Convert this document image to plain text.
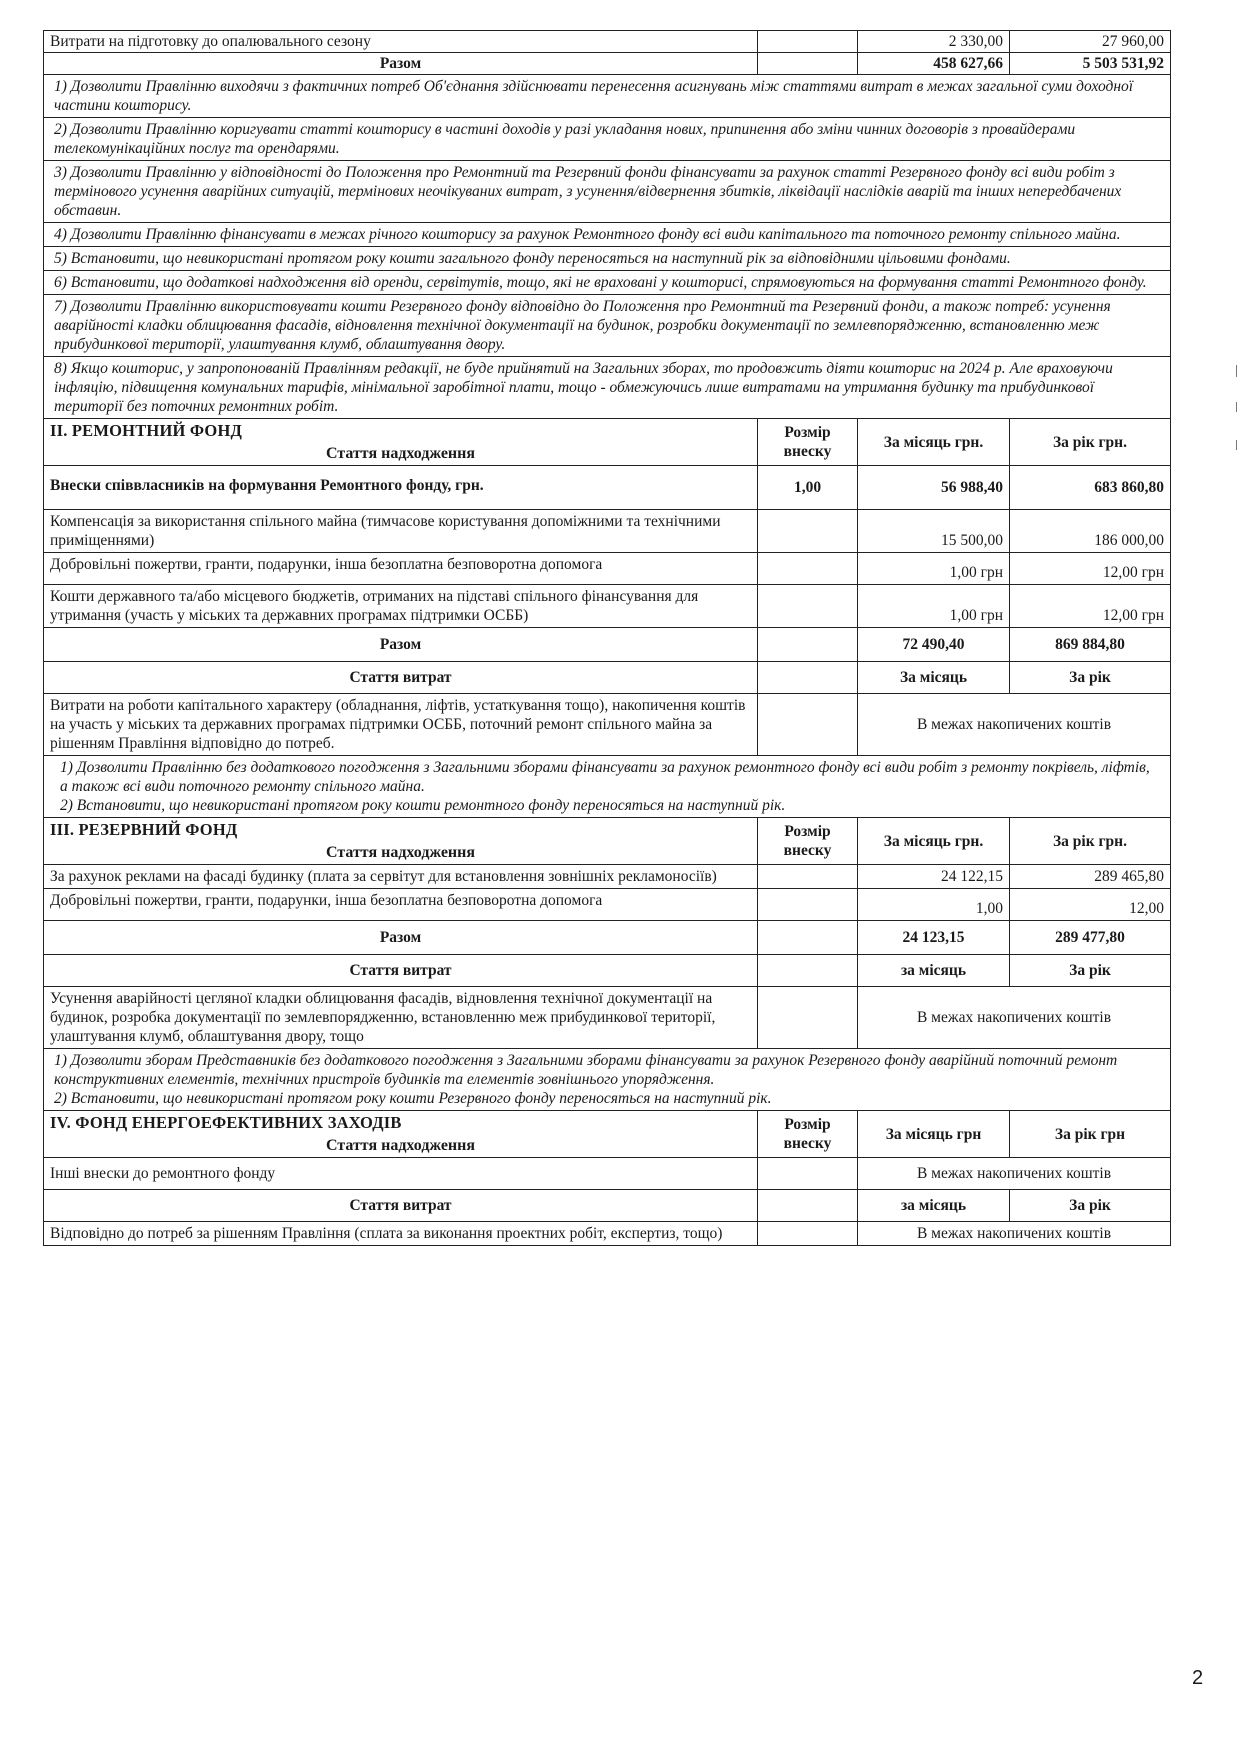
Витрати на підготовку до опалювального сезону		2 330,00	27 960,00
Разом		458 627,66	5 503 531,92
1) Дозволити Правлінню виходячи з фактичних потреб Об'єднання здійснювати перенесення асигнувань між статтями витрат в межах загальної суми доходної частини кошторису.			
2) Дозволити Правлінню коригувати статті кошторису в частині доходів у разі укладання нових, припинення або зміни чинних договорів з провайдерами телекомунікаційних послуг та орендарями.			
3) Дозволити Правлінню у відповідності до Положення про Ремонтний та Резервний фонди фінансувати за рахунок статті Резервного фонду всі види робіт з термінового усунення аварійних ситуацій, термінових неочікуваних витрат, з усунення/відвернення збитків, ліквідації наслідків аварій та інших непередбачених обставин.			
4) Дозволити Правлінню фінансувати в межах річного кошторису за рахунок Ремонтного фонду всі види капітального та поточного ремонту спільного майна.			
5) Встановити, що невикористані протягом року кошти загального фонду переносяться на наступний рік за відповідними цільовими фондами.			
6) Встановити, що додаткові надходження від оренди, сервітутів, тощо, які не враховані у кошторисі, спрямовуються на формування статті Ремонтного фонду.			
7) Дозволити Правлінню використовувати кошти Резервного фонду відповідно до Положення про Ремонтний та Резервний фонди, а також потреб: усунення аварійності кладки облицювання фасадів, відновлення технічної документації на будинок, розробки документації по землевпорядженню, встановленню меж прибудинкової території, улаштування клумб, облаштування двору.			
8) Якщо кошторис, у запропонованій Правлінням редакції, не буде прийнятий на Загальних зборах, то продовжить діяти кошторис на 2024 р. Але враховуючи інфляцію, підвищення комунальних тарифів, мінімальної заробітної плати, тощо - обмежуючись лише витратами на утримання будинку та прибудинкової території без поточних ремонтних робіт.			

ІІ. РЕМОНТНИЙ ФОНД
Стаття надходження	Розмір внеску	За місяць грн.	За рік грн.
Внески співвласників на формування Ремонтного фонду, грн.	1,00	56 988,40	683 860,80
Компенсація за використання спільного майна (тимчасове користування допоміжними та технічними приміщеннями)		15 500,00	186 000,00
Добровільні пожертви, гранти, подарунки, інша безоплатна безповоротна допомога		1,00 грн	12,00 грн
Кошти державного та/або місцевого бюджетів, отриманих на підставі спільного фінансування для утримання (участь у міських та державних програмах підтримки ОСББ)		1,00 грн	12,00 грн
Разом		72 490,40	869 884,80
Стаття витрат		За місяць	За рік
Витрати на роботи капітального характеру (обладнання, ліфтів, устаткування тощо), накопичення коштів на участь у міських та державних програмах підтримки ОСББ, поточний ремонт спільного майна за рішенням Правління відповідно до потреб.		В межах накопичених коштів	

1) Дозволити Правлінню без додаткового погодження з Загальними зборами фінансувати за рахунок ремонтного фонду всі види робіт з ремонту покрівель, ліфтів, а також всі види поточного ремонту спільного майна.
2) Встановити, що невикористані протягом року кошти ремонтного фонду переносяться на наступний рік.			

ІІІ. РЕЗЕРВНИЙ ФОНД
Стаття надходження	Розмір внеску	За місяць грн.	За рік грн.
За рахунок реклами на фасаді будинку (плата за сервітут для встановлення зовнішніх рекламоносіїв)		24 122,15	289 465,80
Добровільні пожертви, гранти, подарунки, інша безоплатна безповоротна допомога		1,00	12,00
Разом		24 123,15	289 477,80
Стаття витрат		за місяць	За рік
Усунення аварійності цегляної кладки облицювання фасадів, відновлення технічної документації на будинок, розробка документації по землевпорядженню, встановленню меж прибудинкової території, улаштування клумб, облаштування двору, тощо		В межах накопичених коштів	

1) Дозволити зборам Представників без додаткового погодження з Загальними зборами фінансувати за рахунок Резервного фонду аварійний поточний ремонт конструктивних елементів, технічних пристроїв будинків та елементів зовнішнього упорядження.
2) Встановити, що невикористані протягом року кошти Резервного фонду переносяться на наступний рік.			

IV. ФОНД ЕНЕРГОЕФЕКТИВНИХ ЗАХОДІВ
Стаття надходження	Розмір внеску	За місяць грн	За рік грн
Інші внески до ремонтного фонду		В межах накопичених коштів	
Стаття витрат		за місяць	За рік
Відповідно до потреб за рішенням Правління (сплата за виконання проектних робіт, експертиз, тощо)		В межах накопичених коштів	
2
